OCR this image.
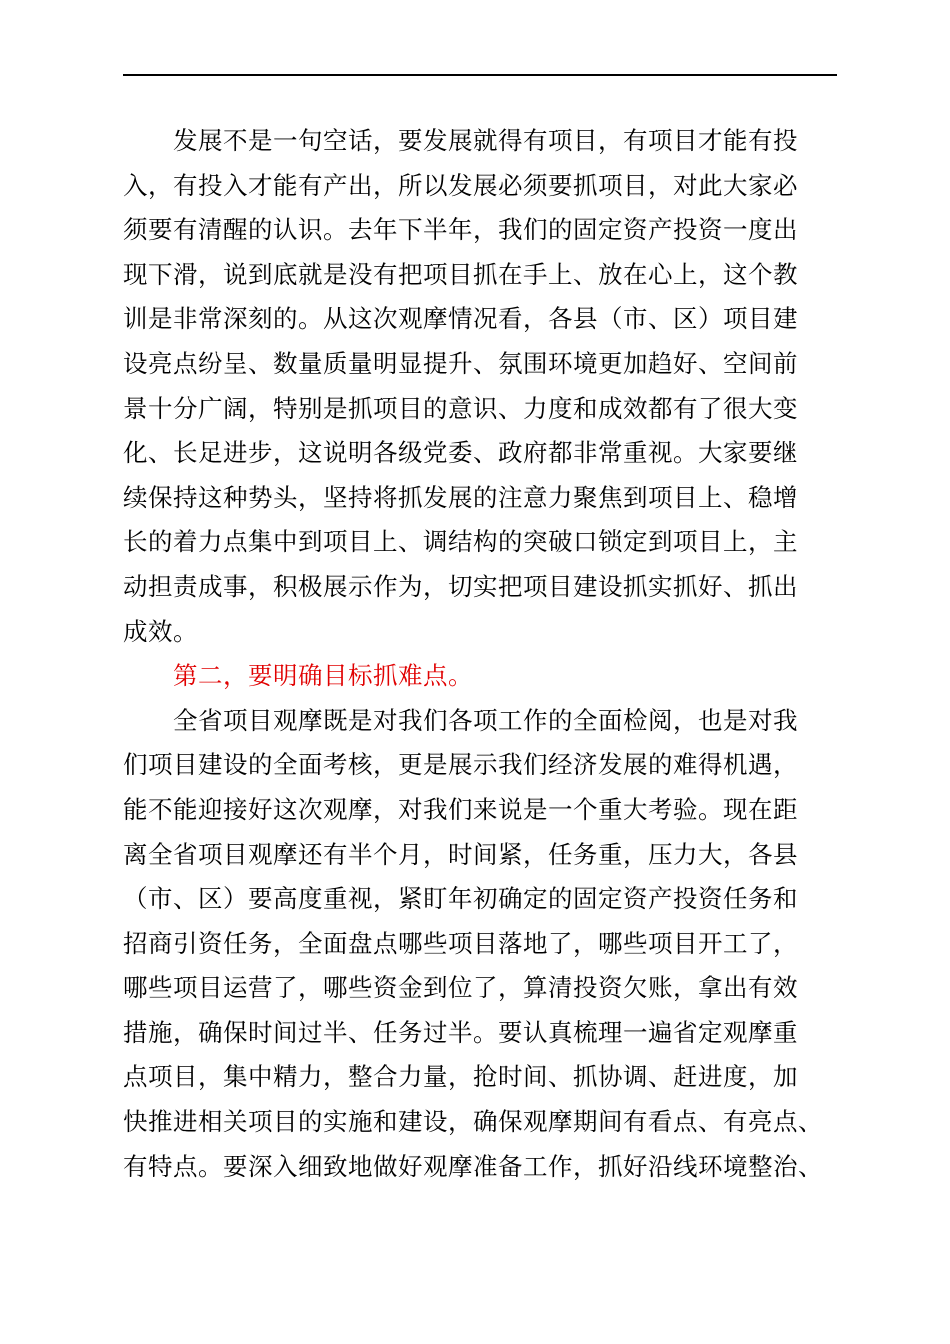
　　发展不是一句空话，要发展就得有项目，有项目才能有投
入，有投入才能有产出，所以发展必须要抓项目，对此大家必
须要有清醒的认识。去年下半年，我们的固定资产投资一度出
现下滑，说到底就是没有把项目抓在手上、放在心上，这个教
训是非常深刻的。从这次观摩情况看，各县（市、区）项目建
设亮点纷呈、数量质量明显提升、氛围环境更加趋好、空间前
景十分广阔，特别是抓项目的意识、力度和成效都有了很大变
化、长足进步，这说明各级党委、政府都非常重视。大家要继
续保持这种势头，坚持将抓发展的注意力聚焦到项目上、稳增
长的着力点集中到项目上、调结构的突破口锁定到项目上，主
动担责成事，积极展示作为，切实把项目建设抓实抓好、抓出
成效。
　　第二，要明确目标抓难点。
　　全省项目观摩既是对我们各项工作的全面检阅，也是对我
们项目建设的全面考核，更是展示我们经济发展的难得机遇，
能不能迎接好这次观摩，对我们来说是一个重大考验。现在距
离全省项目观摩还有半个月，时间紧，任务重，压力大，各县
（市、区）要高度重视，紧盯年初确定的固定资产投资任务和
招商引资任务，全面盘点哪些项目落地了，哪些项目开工了，
哪些项目运营了，哪些资金到位了，算清投资欠账，拿出有效
措施，确保时间过半、任务过半。要认真梳理一遍省定观摩重
点项目，集中精力，整合力量，抢时间、抓协调、赶进度，加
快推进相关项目的实施和建设，确保观摩期间有看点、有亮点、
有特点。要深入细致地做好观摩准备工作，抓好沿线环境整治、
